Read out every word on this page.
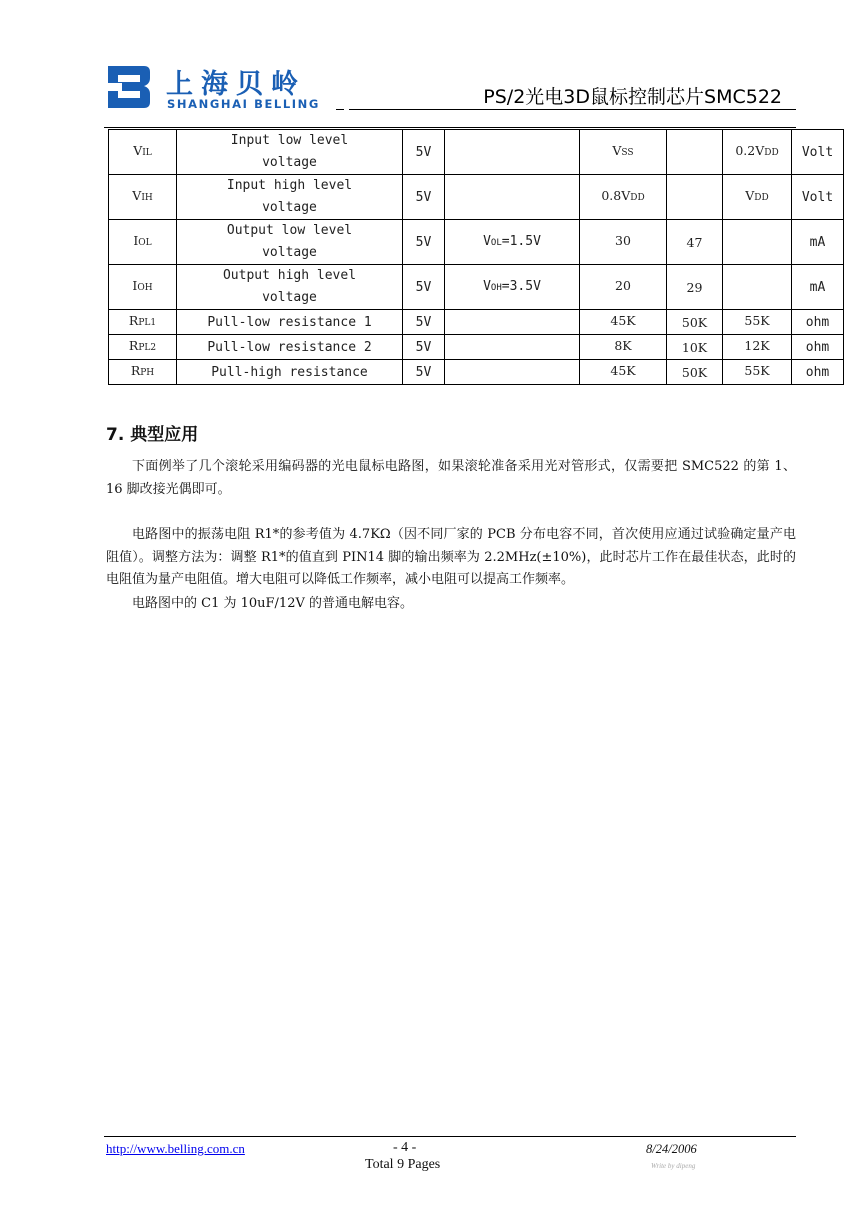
上海贝岭
SHANGHAI BELLING	PS/2光电3D鼠标控制芯片SMC522
VIL	Input low level voltage	5V		VSS		0.2VDD	Volt
VIH	Input high level voltage	5V		0.8VDD		VDD	Volt
IOL	Output low level voltage	5V	VOL=1.5V	30	47		mA
IOH	Output high level voltage	5V	VOH=3.5V	20	29		mA
RPL1	Pull-low resistance 1	5V		45K	50K	55K	ohm
RPL2	Pull-low resistance 2	5V		8K	10K	12K	ohm
RPH	Pull-high resistance	5V		45K	50K	55K	ohm
7. 典型应用
下面例举了几个滚轮采用编码器的光电鼠标电路图，如果滚轮准备采用光对管形式，仅需要把 SMC522 的第 1、16 脚改接光偶即可。
电路图中的振荡电阻 R1*的参考值为 4.7KΩ（因不同厂家的 PCB 分布电容不同，首次使用应通过试验确定量产电阻值）。调整方法为：调整 R1*的值直到 PIN14 脚的输出频率为 2.2MHz(±10%)，此时芯片工作在最佳状态，此时的电阻值为量产电阻值。增大电阻可以降低工作频率，减小电阻可以提高工作频率。
电路图中的 C1 为 10uF/12V 的普通电解电容。
http://www.belling.com.cn	- 4 -
Total 9 Pages
8/24/2006
Write by dipeng
